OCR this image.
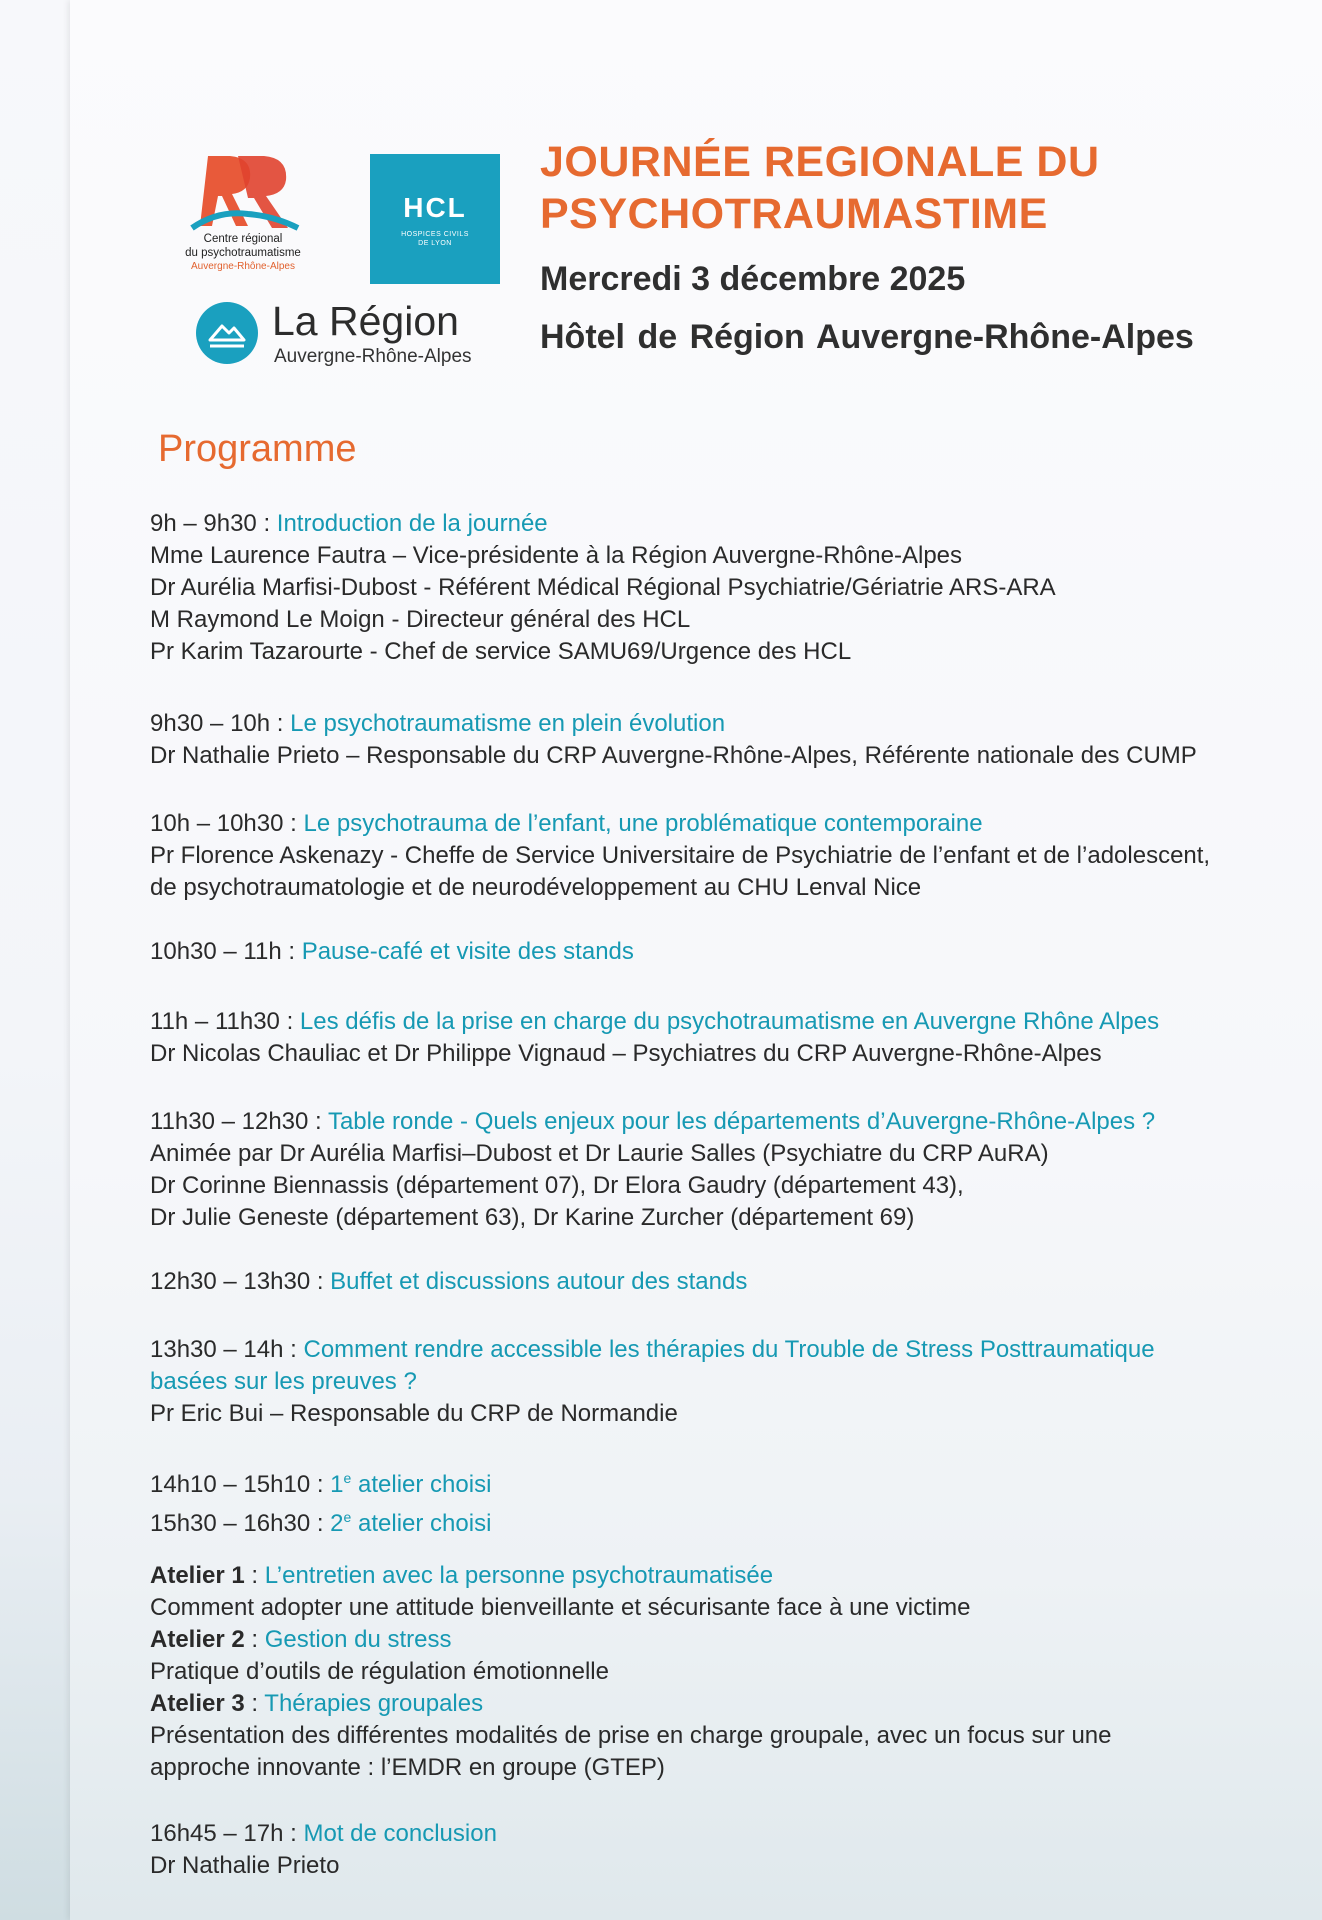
Centre régional
du psychotraumatisme
Auvergne-Rhône-Alpes
HCL
HOSPICES CIVILS
DE LYON
La Région
Auvergne-Rhône-Alpes
JOURNÉE REGIONALE DU
PSYCHOTRAUMASTIME
Mercredi 3 décembre 2025
Hôtel de Région Auvergne-Rhône-Alpes
Programme
9h – 9h30 : Introduction de la journée
Mme Laurence Fautra – Vice-présidente à la Région Auvergne-Rhône-Alpes
Dr Aurélia Marfisi-Dubost - Référent Médical Régional Psychiatrie/Gériatrie ARS-ARA
M Raymond Le Moign - Directeur général des HCL
Pr Karim Tazarourte - Chef de service SAMU69/Urgence des HCL
9h30 – 10h : Le psychotraumatisme en plein évolution
Dr Nathalie Prieto – Responsable du CRP Auvergne-Rhône-Alpes, Référente nationale des CUMP
10h – 10h30 : Le psychotrauma de l’enfant, une problématique contemporaine
Pr Florence Askenazy - Cheffe de Service Universitaire de Psychiatrie de l’enfant et de l’adolescent,
de psychotraumatologie et de neurodéveloppement au CHU Lenval Nice
10h30 – 11h : Pause-café et visite des stands
11h – 11h30 : Les défis de la prise en charge du psychotraumatisme en Auvergne Rhône Alpes
Dr Nicolas Chauliac et Dr Philippe Vignaud – Psychiatres du CRP Auvergne-Rhône-Alpes
11h30 – 12h30 : Table ronde - Quels enjeux pour les départements d’Auvergne-Rhône-Alpes ?
Animée par Dr Aurélia Marfisi–Dubost et Dr Laurie Salles (Psychiatre du CRP AuRA)
Dr Corinne Biennassis (département 07), Dr Elora Gaudry (département 43),
Dr Julie Geneste (département 63), Dr Karine Zurcher (département 69)
12h30 – 13h30 : Buffet et discussions autour des stands
13h30 – 14h : Comment rendre accessible les thérapies du Trouble de Stress Posttraumatique
basées sur les preuves ?
Pr Eric Bui – Responsable du CRP de Normandie
14h10 – 15h10 : 1e atelier choisi
15h30 – 16h30 : 2e atelier choisi
Atelier 1 : L’entretien avec la personne psychotraumatisée
Comment adopter une attitude bienveillante et sécurisante face à une victime
Atelier 2 : Gestion du stress
Pratique d’outils de régulation émotionnelle
Atelier 3 : Thérapies groupales
Présentation des différentes modalités de prise en charge groupale, avec un focus sur une
approche innovante : l’EMDR en groupe (GTEP)
16h45 – 17h : Mot de conclusion
Dr Nathalie Prieto
